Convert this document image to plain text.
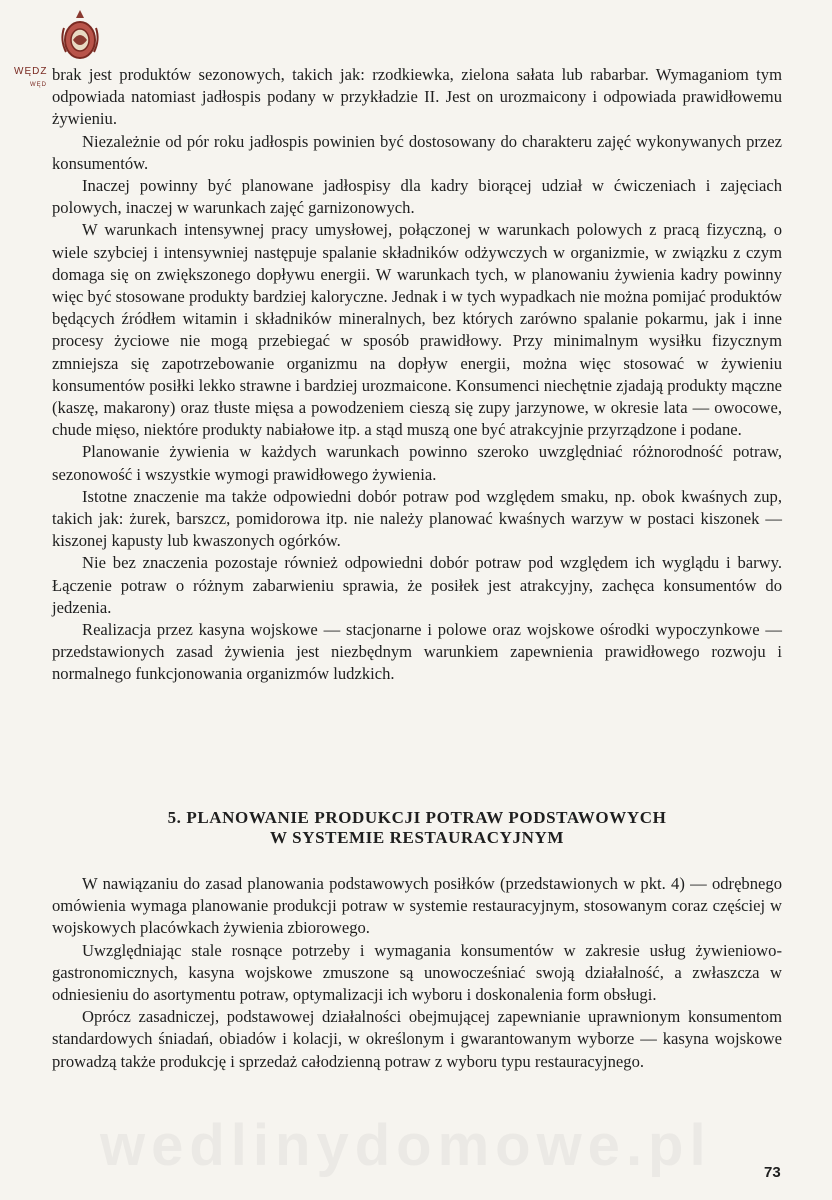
WĘDZ
WĘD

brak jest produktów sezonowych, takich jak: rzodkiewka, zielona sałata lub rabarbar. Wymaganiom tym odpowiada natomiast jadłospis podany w przykładzie II. Jest on urozmaicony i odpowiada prawidłowemu żywieniu.

Niezależnie od pór roku jadłospis powinien być dostosowany do charakteru zajęć wykonywanych przez konsumentów.

Inaczej powinny być planowane jadłospisy dla kadry biorącej udział w ćwiczeniach i zajęciach polowych, inaczej w warunkach zajęć garnizonowych.

W warunkach intensywnej pracy umysłowej, połączonej w warunkach polowych z pracą fizyczną, o wiele szybciej i intensywniej następuje spalanie składników odżywczych w organizmie, w związku z czym domaga się on zwiększonego dopływu energii. W warunkach tych, w planowaniu żywienia kadry powinny więc być stosowane produkty bardziej kaloryczne. Jednak i w tych wypadkach nie można pomijać produktów będących źródłem witamin i składników mineralnych, bez których zarówno spalanie pokarmu, jak i inne procesy życiowe nie mogą przebiegać w sposób prawidłowy. Przy minimalnym wysiłku fizycznym zmniejsza się zapotrzebowanie organizmu na dopływ energii, można więc stosować w żywieniu konsumentów posiłki lekko strawne i bardziej urozmaicone. Konsumenci niechętnie zjadają produkty mączne (kaszę, makarony) oraz tłuste mięsa a powodzeniem cieszą się zupy jarzynowe, w okresie lata — owocowe, chude mięso, niektóre produkty nabiałowe itp. a stąd muszą one być atrakcyjnie przyrządzone i podane.

Planowanie żywienia w każdych warunkach powinno szeroko uwzględniać różnorodność potraw, sezonowość i wszystkie wymogi prawidłowego żywienia.

Istotne znaczenie ma także odpowiedni dobór potraw pod względem smaku, np. obok kwaśnych zup, takich jak: żurek, barszcz, pomidorowa itp. nie należy planować kwaśnych warzyw w postaci kiszonek — kiszonej kapusty lub kwaszonych ogórków.

Nie bez znaczenia pozostaje również odpowiedni dobór potraw pod względem ich wyglądu i barwy. Łączenie potraw o różnym zabarwieniu sprawia, że posiłek jest atrakcyjny, zachęca konsumentów do jedzenia.

Realizacja przez kasyna wojskowe — stacjonarne i polowe oraz wojskowe ośrodki wypoczynkowe — przedstawionych zasad żywienia jest niezbędnym warunkiem zapewnienia prawidłowego rozwoju i normalnego funkcjonowania organizmów ludzkich.

5. PLANOWANIE PRODUKCJI POTRAW PODSTAWOWYCH
W SYSTEMIE RESTAURACYJNYM

W nawiązaniu do zasad planowania podstawowych posiłków (przedstawionych w pkt. 4) — odrębnego omówienia wymaga planowanie produkcji potraw w systemie restauracyjnym, stosowanym coraz częściej w wojskowych placówkach żywienia zbiorowego.

Uwzględniając stale rosnące potrzeby i wymagania konsumentów w zakresie usług żywieniowo-gastronomicznych, kasyna wojskowe zmuszone są unowocześniać swoją działalność, a zwłaszcza w odniesieniu do asortymentu potraw, optymalizacji ich wyboru i doskonalenia form obsługi.

Oprócz zasadniczej, podstawowej działalności obejmującej zapewnianie uprawnionym konsumentom standardowych śniadań, obiadów i kolacji, w określonym i gwarantowanym wyborze — kasyna wojskowe prowadzą także produkcję i sprzedaż całodzienną potraw z wyboru typu restauracyjnego.

wedlinydomowe.pl	73
